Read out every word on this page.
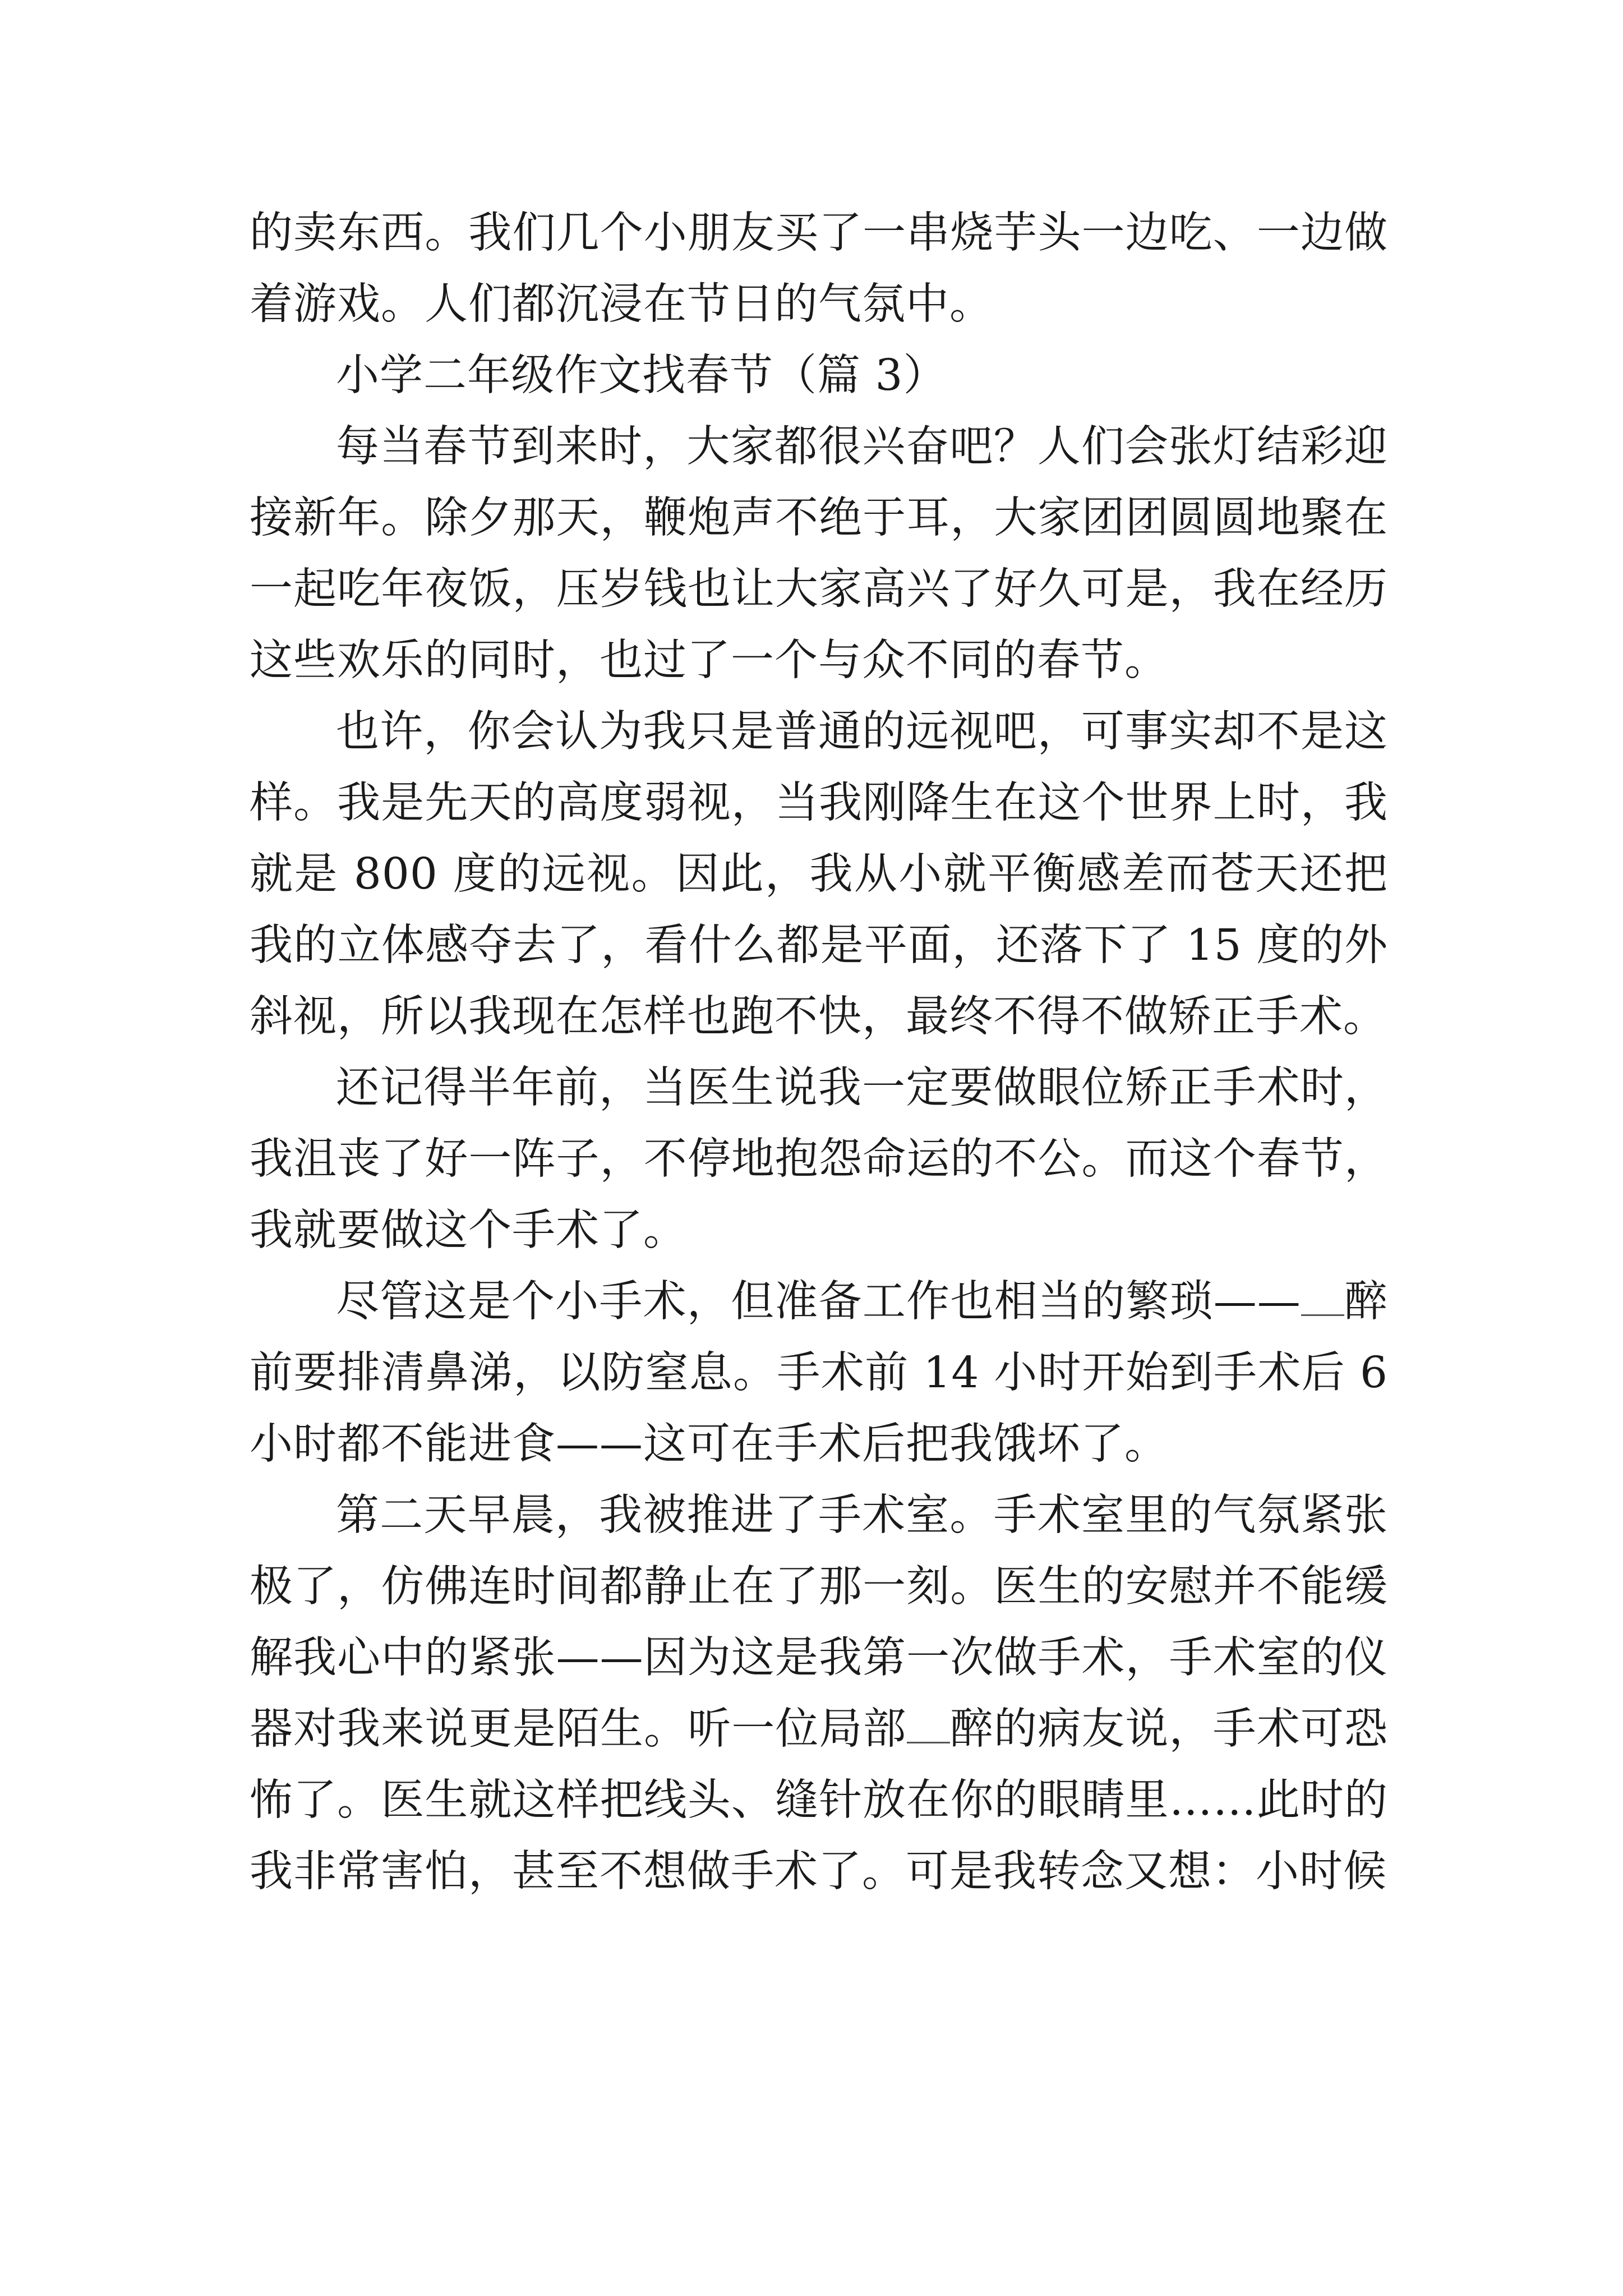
的卖东西。我们几个小朋友买了一串烧芋头一边吃、一边做着游戏。人们都沉浸在节日的气氛中。

小学二年级作文找春节（篇 3）

每当春节到来时，大家都很兴奋吧？人们会张灯结彩迎接新年。除夕那天，鞭炮声不绝于耳，大家团团圆圆地聚在一起吃年夜饭，压岁钱也让大家高兴了好久可是，我在经历这些欢乐的同时，也过了一个与众不同的春节。

也许，你会认为我只是普通的远视吧，可事实却不是这样。我是先天的高度弱视，当我刚降生在这个世界上时，我就是 800 度的远视。因此，我从小就平衡感差而苍天还把我的立体感夺去了，看什么都是平面，还落下了 15 度的外斜视，所以我现在怎样也跑不快，最终不得不做矫正手术。

还记得半年前，当医生说我一定要做眼位矫正手术时，我沮丧了好一阵子，不停地抱怨命运的不公。而这个春节，我就要做这个手术了。

尽管这是个小手术，但准备工作也相当的繁琐—— 醉前要排清鼻涕，以防窒息。手术前 14 小时开始到手术后 6 小时都不能进食——这可在手术后把我饿坏了。

第二天早晨，我被推进了手术室。手术室里的气氛紧张极了，仿佛连时间都静止在了那一刻。医生的安慰并不能缓解我心中的紧张——因为这是我第一次做手术，手术室的仪器对我来说更是陌生。听一位局部 醉的病友说，手术可恐怖了。医生就这样把线头、缝针放在你的眼睛里……此时的我非常害怕，甚至不想做手术了。可是我转念又想：小时候
